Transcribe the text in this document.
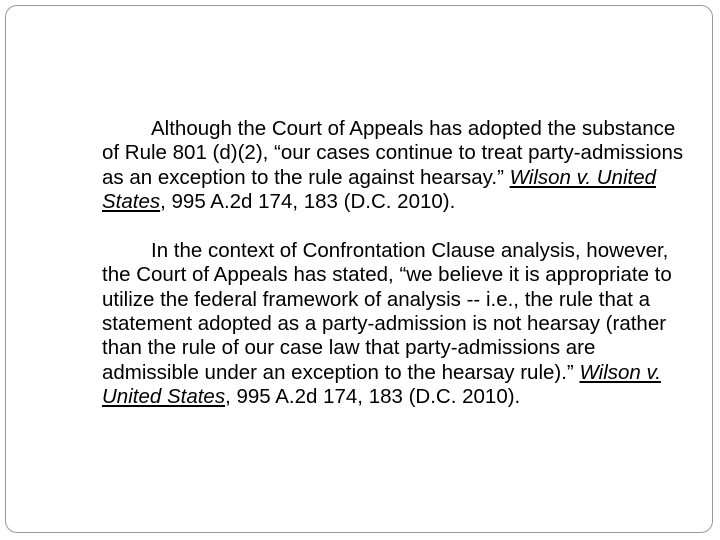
Although the Court of Appeals has adopted the substance of Rule 801 (d)(2), “our cases continue to treat party-admissions as an exception to the rule against hearsay.” Wilson v. United States, 995 A.2d 174, 183 (D.C. 2010).

In the context of Confrontation Clause analysis, however, the Court of Appeals has stated, “we believe it is appropriate to utilize the federal framework of analysis -- i.e., the rule that a statement adopted as a party-admission is not hearsay (rather than the rule of our case law that party-admissions are admissible under an exception to the hearsay rule).” Wilson v. United States, 995 A.2d 174, 183 (D.C. 2010).
